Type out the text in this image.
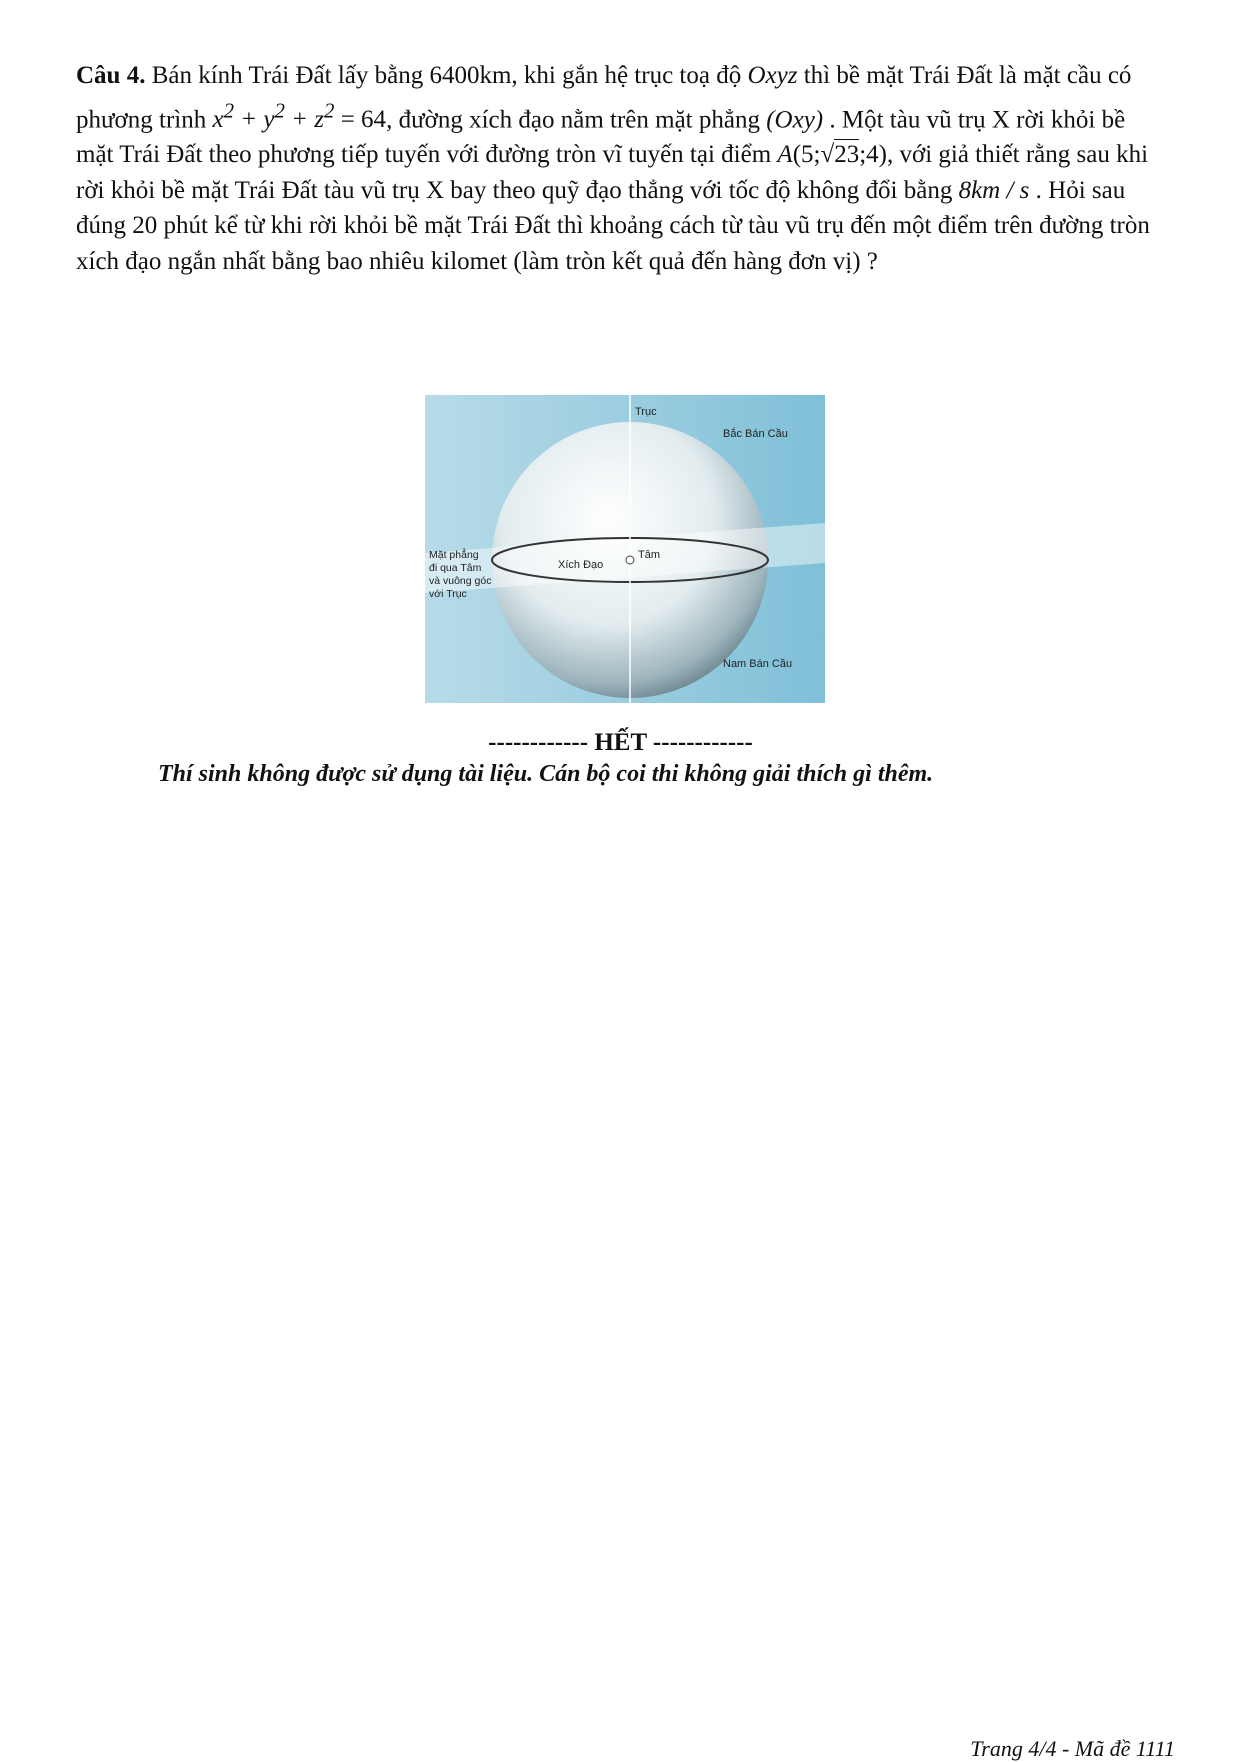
Câu 4. Bán kính Trái Đất lấy bằng 6400km, khi gắn hệ trục toạ độ Oxyz thì bề mặt Trái Đất là mặt cầu có phương trình $x^2 + y^2 + z^2 = 64$, đường xích đạo nằm trên mặt phẳng (Oxy) . Một tàu vũ trụ X rời khỏi bề mặt Trái Đất theo phương tiếp tuyến với đường tròn vĩ tuyến tại điểm A(5;√23;4), với giả thiết rằng sau khi rời khỏi bề mặt Trái Đất tàu vũ trụ X bay theo quỹ đạo thẳng với tốc độ không đổi bằng 8km / s . Hỏi sau đúng 20 phút kể từ khi rời khỏi bề mặt Trái Đất thì khoảng cách từ tàu vũ trụ đến một điểm trên đường tròn xích đạo ngắn nhất bằng bao nhiêu kilomet (làm tròn kết quả đến hàng đơn vị) ?
Trục
Bắc Bán Cầu
Nam Bán Cầu
Tâm
Xích Đạo
Mặt phẳng
đi qua Tâm
và vuông góc
với Trục
------------ HẾT ------------
Thí sinh không được sử dụng tài liệu. Cán bộ coi thi không giải thích gì thêm.
Trang 4/4 - Mã đề 1111
